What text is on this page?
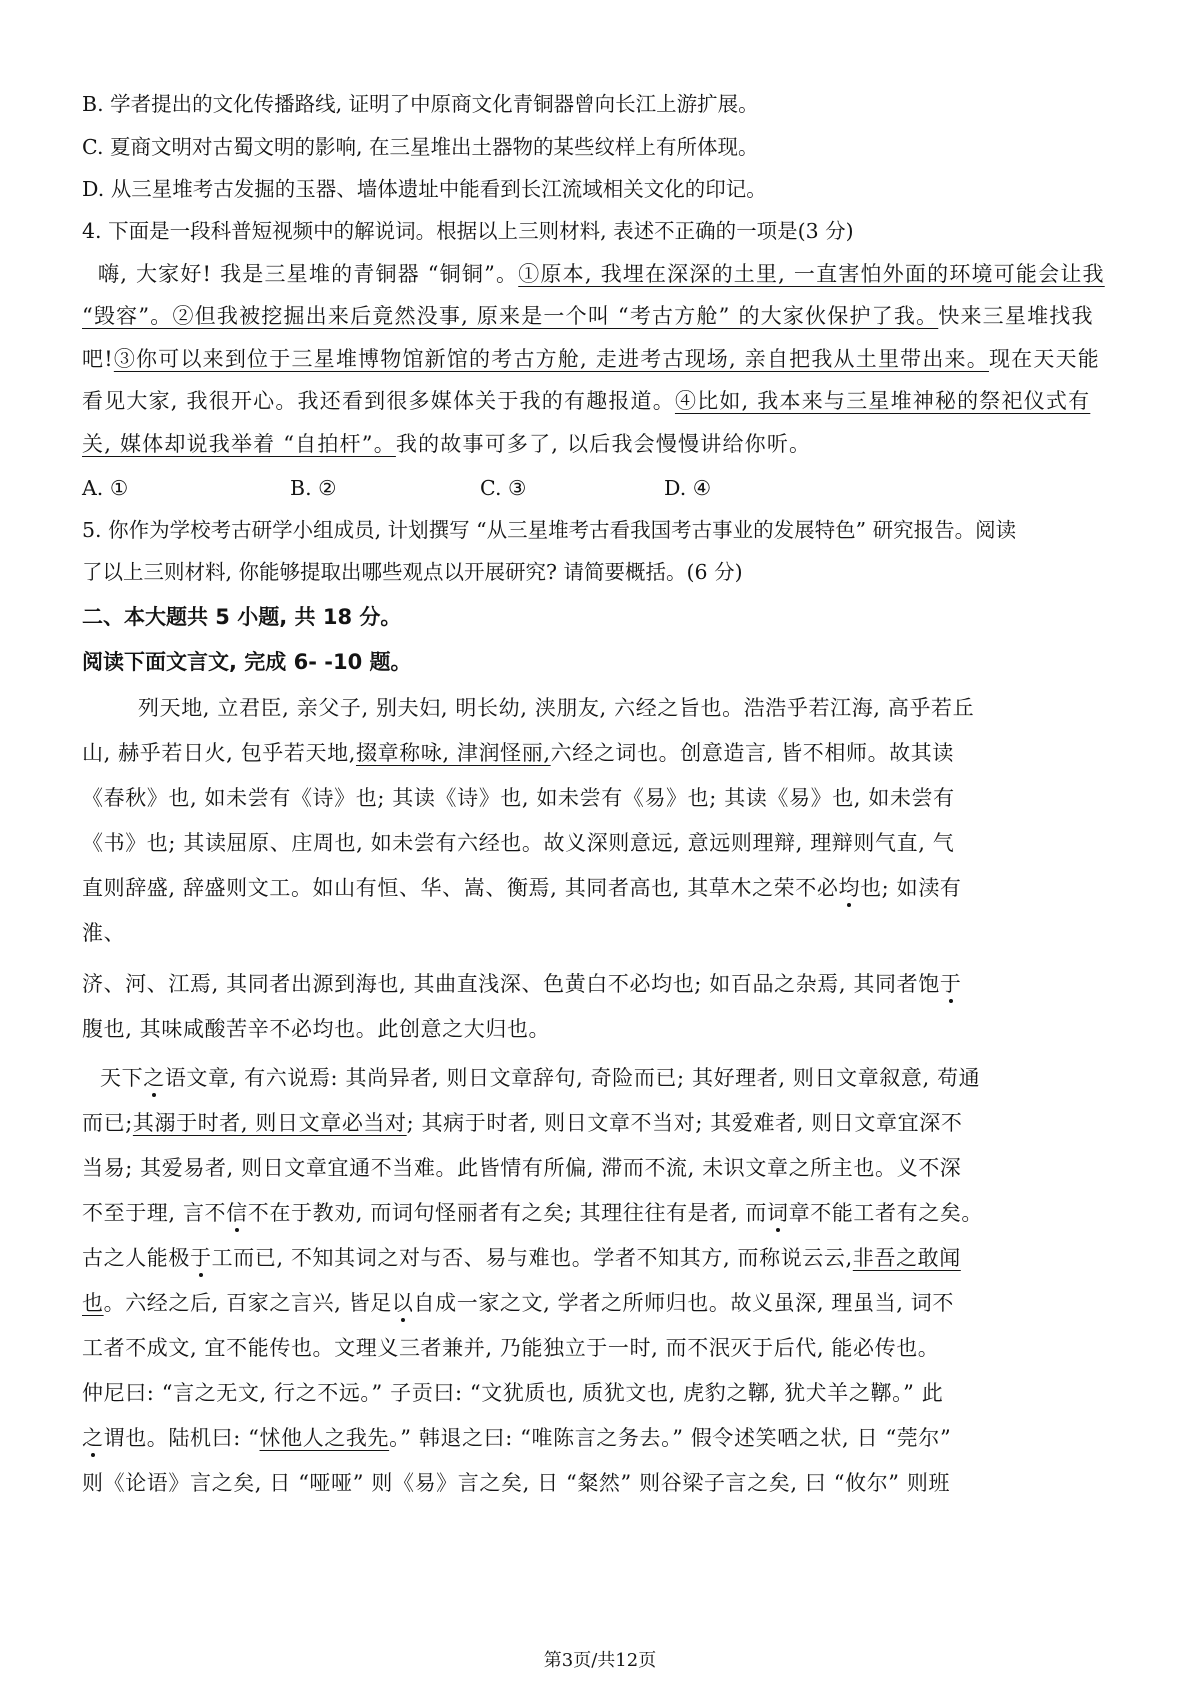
B. 学者提出的文化传播路线, 证明了中原商文化青铜器曾向长江上游扩展。
C. 夏商文明对古蜀文明的影响, 在三星堆出土器物的某些纹样上有所体现。
D. 从三星堆考古发掘的玉器、墙体遗址中能看到长江流域相关文化的印记。
4. 下面是一段科普短视频中的解说词。根据以上三则材料, 表述不正确的一项是(3 分)
嗨, 大家好! 我是三星堆的青铜器 “铜铜”。①原本, 我埋在深深的土里, 一直害怕外面的环境可能会让我
“毁容”。②但我被挖掘出来后竟然没事, 原来是一个叫 “考古方舱” 的大家伙保护了我。快来三星堆找我
吧!③你可以来到位于三星堆博物馆新馆的考古方舱, 走进考古现场, 亲自把我从土里带出来。现在天天能
看见大家, 我很开心。我还看到很多媒体关于我的有趣报道。④比如, 我本来与三星堆神秘的祭祀仪式有
关, 媒体却说我举着 “自拍杆”。我的故事可多了, 以后我会慢慢讲给你听。
A. ①	B. ②	C. ③	D. ④
5. 你作为学校考古研学小组成员, 计划撰写 “从三星堆考古看我国考古事业的发展特色” 研究报告。阅读
了以上三则材料, 你能够提取出哪些观点以开展研究? 请简要概括。(6 分)
二、本大题共 5 小题, 共 18 分。
阅读下面文言文, 完成 6- -10 题。
列天地, 立君臣, 亲父子, 别夫妇, 明长幼, 浃朋友, 六经之旨也。浩浩乎若江海, 高乎若丘
山, 赫乎若日火, 包乎若天地,掇章称咏, 津润怪丽,六经之词也。创意造言, 皆不相师。故其读
《春秋》也, 如未尝有《诗》也; 其读《诗》也, 如未尝有《易》也; 其读《易》也, 如未尝有
《书》也; 其读屈原、庄周也, 如未尝有六经也。故义深则意远, 意远则理辩, 理辩则气直, 气
直则辞盛, 辞盛则文工。如山有恒、华、嵩、衡焉, 其同者高也, 其草木之荣不必均也; 如渎有
淮、
济、河、江焉, 其同者出源到海也, 其曲直浅深、色黄白不必均也; 如百品之杂焉, 其同者饱于
腹也, 其味咸酸苦辛不必均也。此创意之大归也。
天下之语文章, 有六说焉: 其尚异者, 则日文章辞句, 奇险而已; 其好理者, 则日文章叙意, 苟通
而已;其溺于时者, 则日文章必当对; 其病于时者, 则日文章不当对; 其爱难者, 则日文章宜深不
当易; 其爱易者, 则日文章宜通不当难。此皆情有所偏, 滞而不流, 未识文章之所主也。义不深
不至于理, 言不信不在于教劝, 而词句怪丽者有之矣; 其理往往有是者, 而词章不能工者有之矣。
古之人能极于工而已, 不知其词之对与否、易与难也。学者不知其方, 而称说云云,非吾之敢闻
也。六经之后, 百家之言兴, 皆足以自成一家之文, 学者之所师归也。故义虽深, 理虽当, 词不
工者不成文, 宜不能传也。文理义三者兼并, 乃能独立于一时, 而不泯灭于后代, 能必传也。
仲尼曰: “言之无文, 行之不远。” 子贡曰: “文犹质也, 质犹文也, 虎豹之鞹, 犹犬羊之鞹。” 此
之谓也。陆机曰: “怵他人之我先。” 韩退之曰: “唯陈言之务去。” 假令述笑哂之状, 日 “莞尔”
则《论语》言之矣, 日 “哑哑” 则《易》言之矣, 日 “粲然” 则谷梁子言之矣, 曰 “攸尔” 则班
第3页/共12页
